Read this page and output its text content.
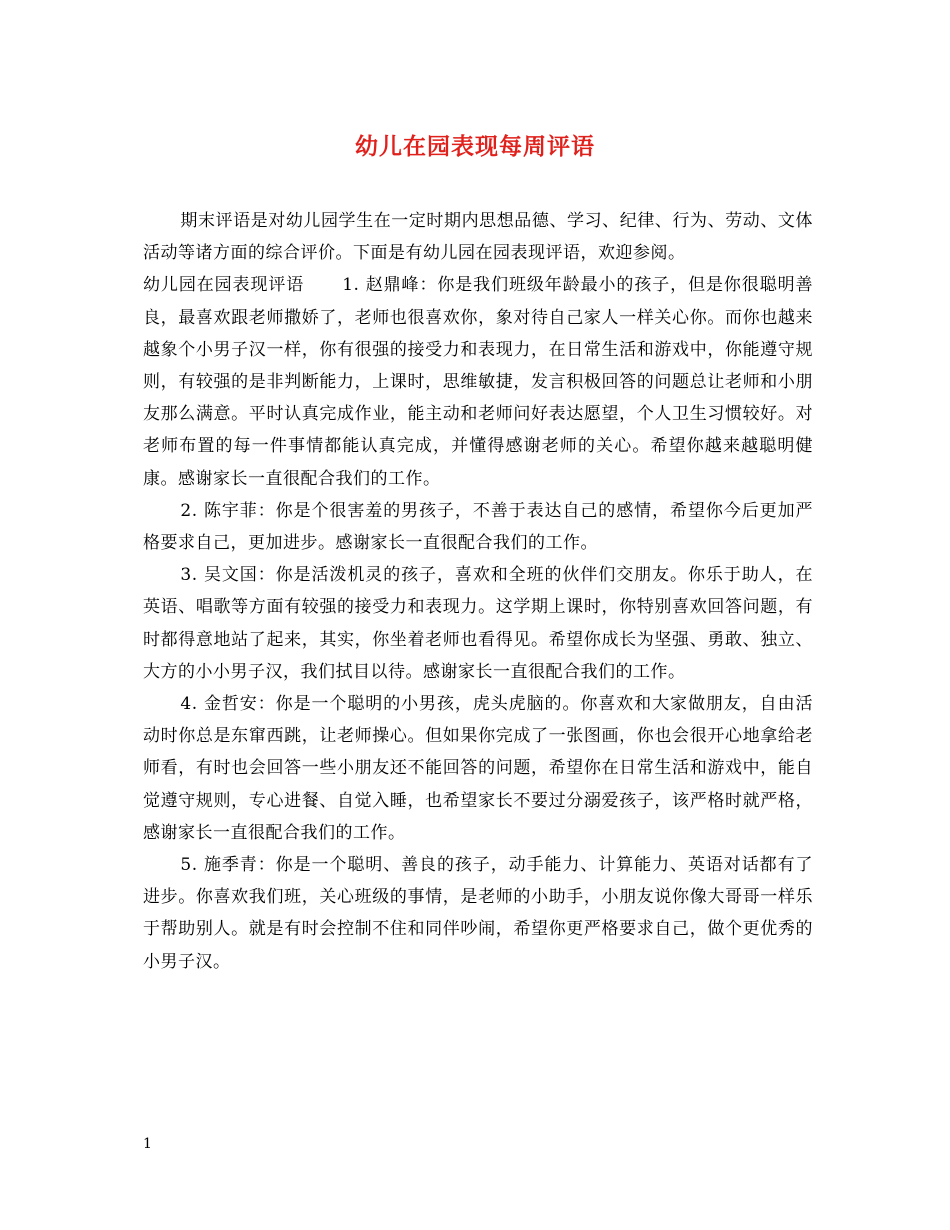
幼儿在园表现每周评语

期末评语是对幼儿园学生在一定时期内思想品德、学习、纪律、行为、劳动、文体活动等诸方面的综合评价。下面是有幼儿园在园表现评语，欢迎参阅。

幼儿园在园表现评语 1. 赵鼎峰：你是我们班级年龄最小的孩子，但是你很聪明善良，最喜欢跟老师撒娇了，老师也很喜欢你，象对待自己家人一样关心你。而你也越来越象个小男子汉一样，你有很强的接受力和表现力，在日常生活和游戏中，你能遵守规则，有较强的是非判断能力，上课时，思维敏捷，发言积极回答的问题总让老师和小朋友那么满意。平时认真完成作业，能主动和老师问好表达愿望，个人卫生习惯较好。对老师布置的每一件事情都能认真完成，并懂得感谢老师的关心。希望你越来越聪明健康。感谢家长一直很配合我们的工作。

2. 陈宇菲：你是个很害羞的男孩子，不善于表达自己的感情，希望你今后更加严格要求自己，更加进步。感谢家长一直很配合我们的工作。

3. 吴文国：你是活泼机灵的孩子，喜欢和全班的伙伴们交朋友。你乐于助人，在英语、唱歌等方面有较强的接受力和表现力。这学期上课时，你特别喜欢回答问题，有时都得意地站了起来，其实，你坐着老师也看得见。希望你成长为坚强、勇敢、独立、大方的小小男子汉，我们拭目以待。感谢家长一直很配合我们的工作。

4. 金哲安：你是一个聪明的小男孩，虎头虎脑的。你喜欢和大家做朋友，自由活动时你总是东窜西跳，让老师操心。但如果你完成了一张图画，你也会很开心地拿给老师看，有时也会回答一些小朋友还不能回答的问题，希望你在日常生活和游戏中，能自觉遵守规则，专心进餐、自觉入睡，也希望家长不要过分溺爱孩子，该严格时就严格，感谢家长一直很配合我们的工作。

5. 施季青：你是一个聪明、善良的孩子，动手能力、计算能力、英语对话都有了进步。你喜欢我们班，关心班级的事情，是老师的小助手，小朋友说你像大哥哥一样乐于帮助别人。就是有时会控制不住和同伴吵闹，希望你更严格要求自己，做个更优秀的小男子汉。

1
